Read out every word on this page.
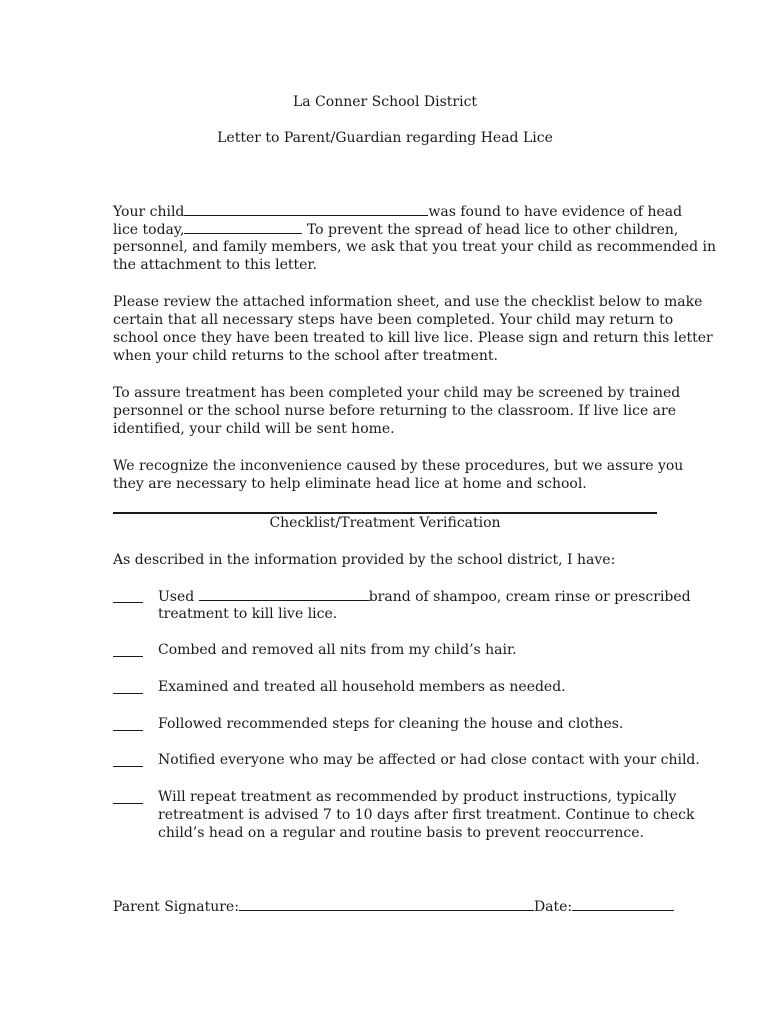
La Conner School District
Letter to Parent/Guardian regarding Head Lice
Your child	was found to have evidence of head
lice today,	To prevent the spread of head lice to other children,
personnel, and family members, we ask that you treat your child as recommended in
the attachment to this letter.
Please review the attached information sheet, and use the checklist below to make
certain that all necessary steps have been completed. Your child may return to
school once they have been treated to kill live lice. Please sign and return this letter
when your child returns to the school after treatment.
To assure treatment has been completed your child may be screened by trained
personnel or the school nurse before returning to the classroom. If live lice are
identified, your child will be sent home.
We recognize the inconvenience caused by these procedures, but we assure you
they are necessary to help eliminate head lice at home and school.
Checklist/Treatment Verification
As described in the information provided by the school district, I have:
Used	brand of shampoo, cream rinse or prescribed
treatment to kill live lice.
Combed and removed all nits from my child’s hair.
Examined and treated all household members as needed.
Followed recommended steps for cleaning the house and clothes.
Notified everyone who may be affected or had close contact with your child.
Will repeat treatment as recommended by product instructions, typically
retreatment is advised 7 to 10 days after first treatment. Continue to check
child’s head on a regular and routine basis to prevent reoccurrence.
Parent Signature:	Date:
